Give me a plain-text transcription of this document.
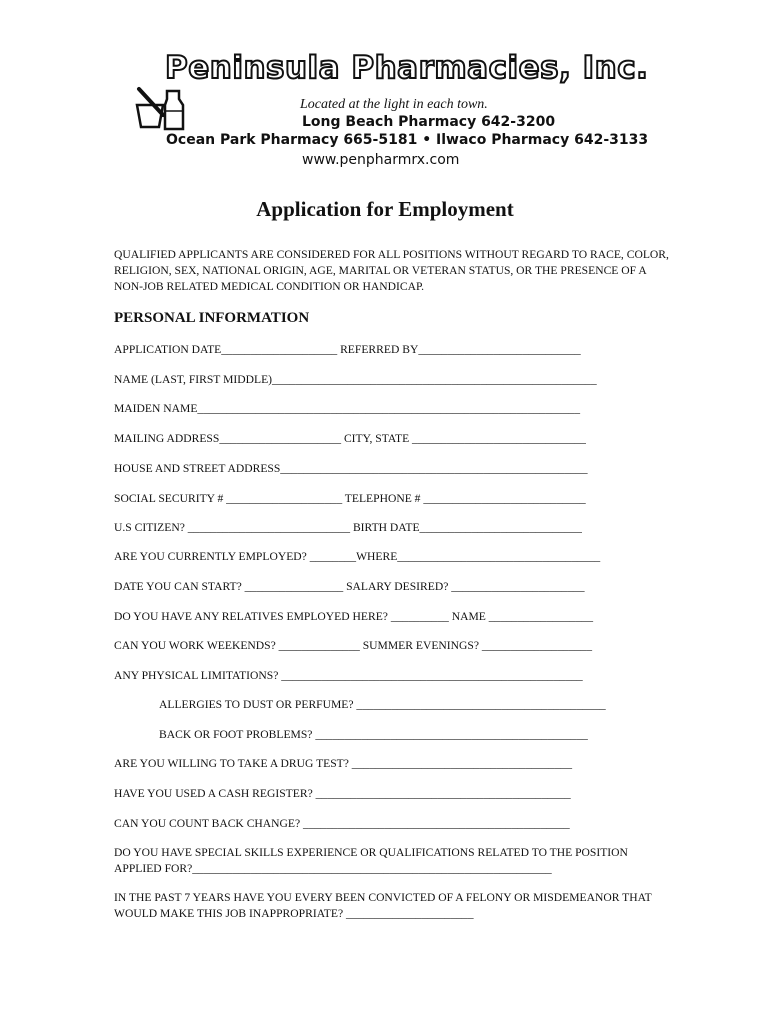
Peninsula Pharmacies, Inc.
Located at the light in each town.
Long Beach Pharmacy 642-3200
Ocean Park Pharmacy 665-5181 • Ilwaco Pharmacy 642-3133
www.penpharmrx.com
Application for Employment
QUALIFIED APPLICANTS ARE CONSIDERED FOR ALL POSITIONS WITHOUT REGARD TO RACE, COLOR, RELIGION, SEX, NATIONAL ORIGIN, AGE, MARITAL OR VETERAN STATUS, OR THE PRESENCE OF A NON-JOB RELATED MEDICAL CONDITION OR HANDICAP.
PERSONAL INFORMATION
APPLICATION DATE____________________ REFERRED BY____________________________
NAME (LAST, FIRST MIDDLE)________________________________________________________
MAIDEN NAME__________________________________________________________________
MAILING ADDRESS_____________________ CITY, STATE ______________________________
HOUSE AND STREET ADDRESS_____________________________________________________
SOCIAL SECURITY # ____________________ TELEPHONE # ____________________________
U.S CITIZEN? ____________________________ BIRTH DATE____________________________
ARE YOU CURRENTLY EMPLOYED? ________WHERE___________________________________
DATE YOU CAN START? _________________ SALARY DESIRED? _______________________
DO YOU HAVE ANY RELATIVES EMPLOYED HERE? __________ NAME __________________
CAN YOU WORK WEEKENDS? ______________ SUMMER EVENINGS? ___________________
ANY PHYSICAL LIMITATIONS? ____________________________________________________
ALLERGIES TO DUST OR PERFUME? ___________________________________________
BACK OR FOOT PROBLEMS? _______________________________________________
ARE YOU WILLING TO TAKE A DRUG TEST? ______________________________________
HAVE YOU USED A CASH REGISTER? ____________________________________________
CAN YOU COUNT BACK CHANGE? ______________________________________________
DO YOU HAVE SPECIAL SKILLS EXPERIENCE OR QUALIFICATIONS RELATED TO THE POSITION APPLIED FOR?______________________________________________________________
IN THE PAST 7 YEARS HAVE YOU EVERY BEEN CONVICTED OF A FELONY OR MISDEMEANOR THAT WOULD MAKE THIS JOB INAPPROPRIATE? ______________________
